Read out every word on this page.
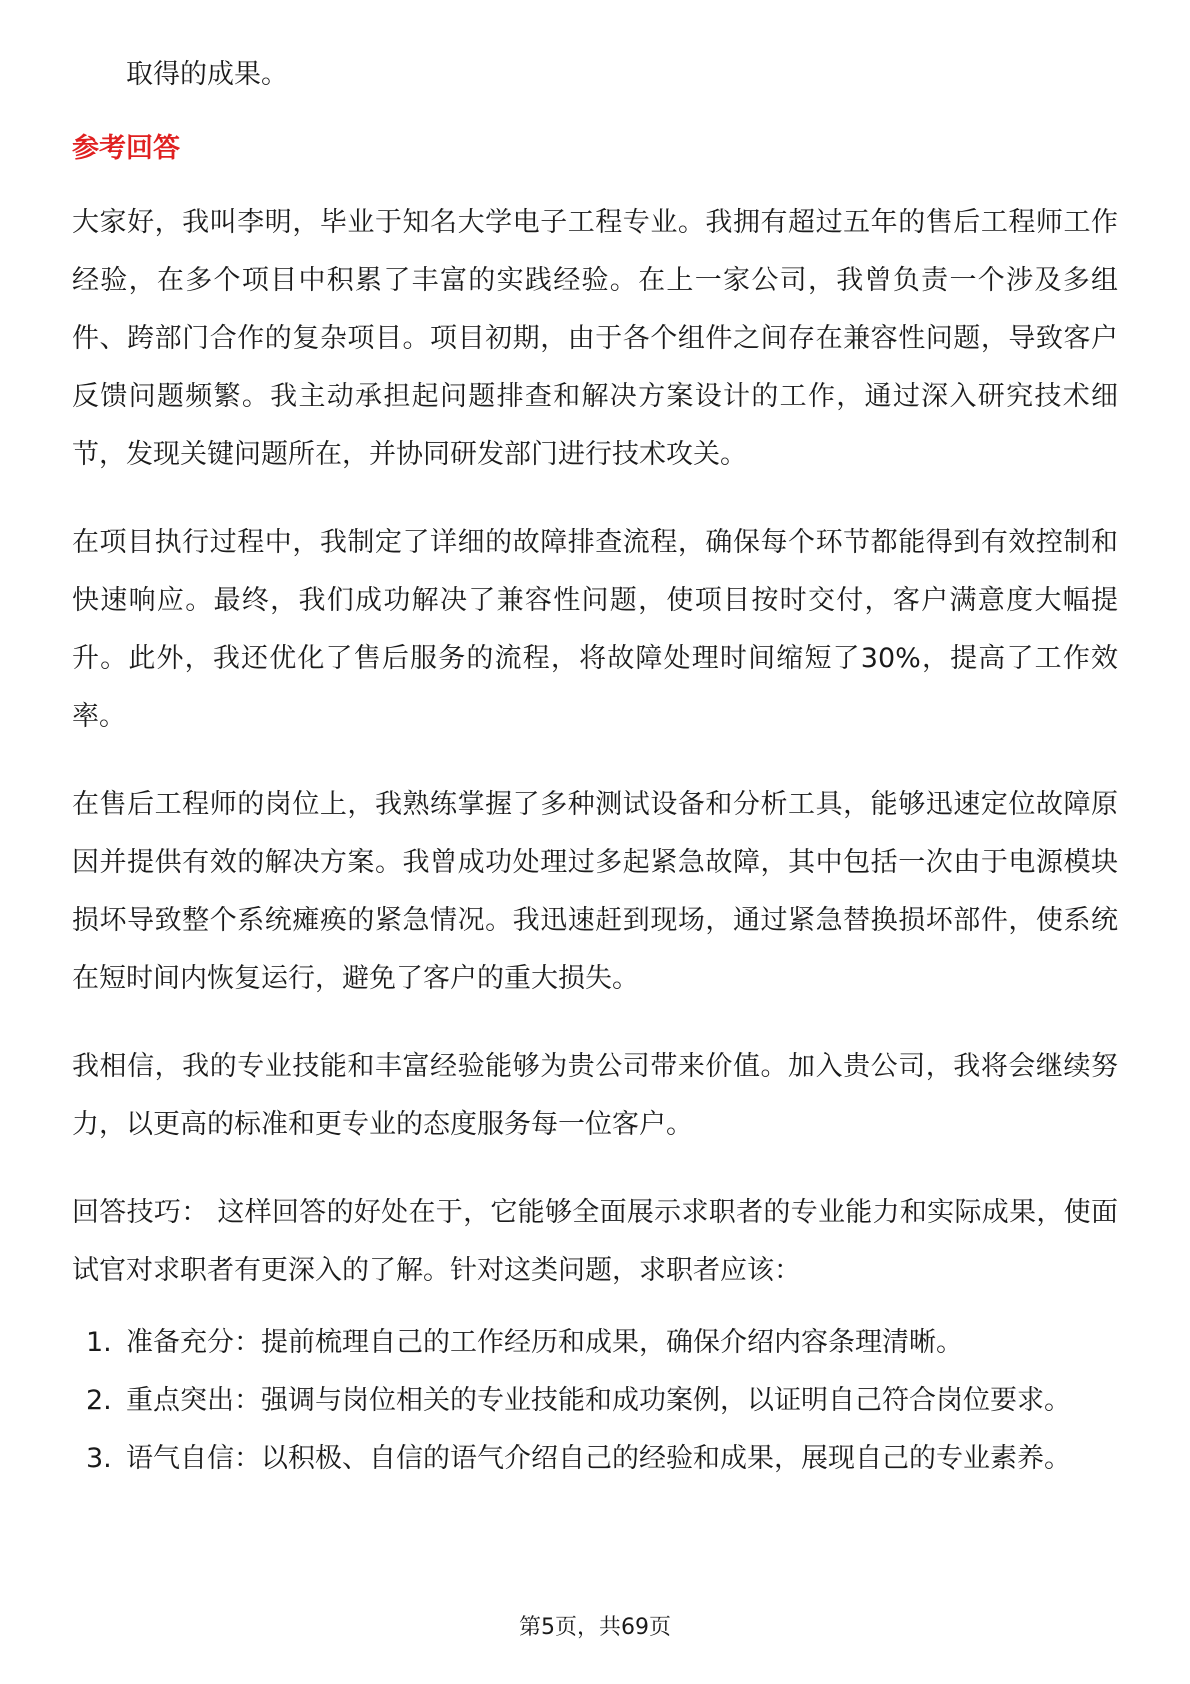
取得的成果。

参考回答

大家好，我叫李明，毕业于知名大学电子工程专业。我拥有超过五年的售后工程师工作经验，在多个项目中积累了丰富的实践经验。在上一家公司，我曾负责一个涉及多组件、跨部门合作的复杂项目。项目初期，由于各个组件之间存在兼容性问题，导致客户反馈问题频繁。我主动承担起问题排查和解决方案设计的工作，通过深入研究技术细节，发现关键问题所在，并协同研发部门进行技术攻关。

在项目执行过程中，我制定了详细的故障排查流程，确保每个环节都能得到有效控制和快速响应。最终，我们成功解决了兼容性问题，使项目按时交付，客户满意度大幅提升。此外，我还优化了售后服务的流程，将故障处理时间缩短了30%，提高了工作效率。

在售后工程师的岗位上，我熟练掌握了多种测试设备和分析工具，能够迅速定位故障原因并提供有效的解决方案。我曾成功处理过多起紧急故障，其中包括一次由于电源模块损坏导致整个系统瘫痪的紧急情况。我迅速赶到现场，通过紧急替换损坏部件，使系统在短时间内恢复运行，避免了客户的重大损失。

我相信，我的专业技能和丰富经验能够为贵公司带来价值。加入贵公司，我将会继续努力，以更高的标准和更专业的态度服务每一位客户。

回答技巧： 这样回答的好处在于，它能够全面展示求职者的专业能力和实际成果，使面试官对求职者有更深入的了解。针对这类问题，求职者应该：

1. 准备充分：提前梳理自己的工作经历和成果，确保介绍内容条理清晰。
2. 重点突出：强调与岗位相关的专业技能和成功案例，以证明自己符合岗位要求。
3. 语气自信：以积极、自信的语气介绍自己的经验和成果，展现自己的专业素养。
第5页，共69页
